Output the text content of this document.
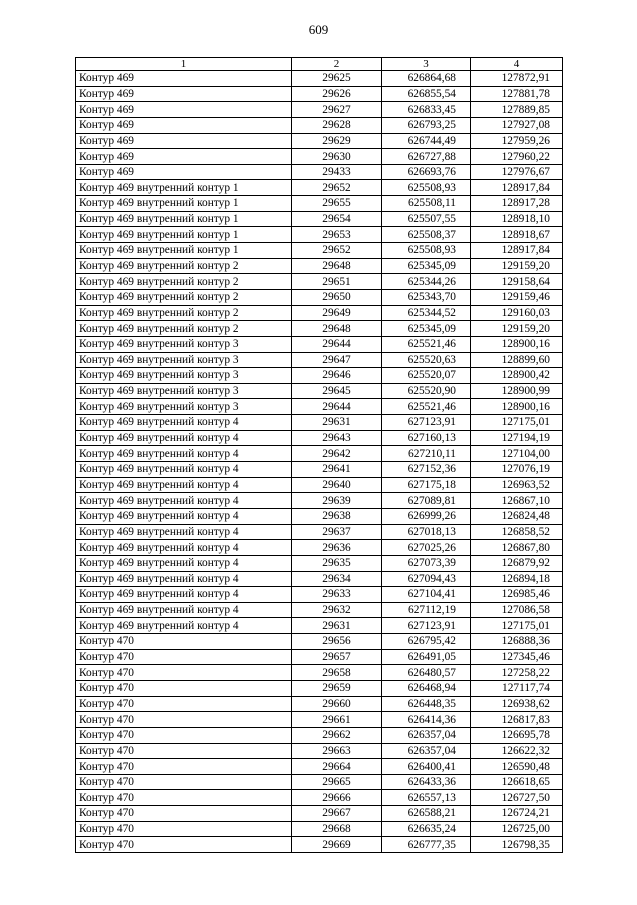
609
1	2	3	4
Контур 469	29625	626864,68	127872,91
Контур 469	29626	626855,54	127881,78
Контур 469	29627	626833,45	127889,85
Контур 469	29628	626793,25	127927,08
Контур 469	29629	626744,49	127959,26
Контур 469	29630	626727,88	127960,22
Контур 469	29433	626693,76	127976,67
Контур 469 внутренний контур 1	29652	625508,93	128917,84
Контур 469 внутренний контур 1	29655	625508,11	128917,28
Контур 469 внутренний контур 1	29654	625507,55	128918,10
Контур 469 внутренний контур 1	29653	625508,37	128918,67
Контур 469 внутренний контур 1	29652	625508,93	128917,84
Контур 469 внутренний контур 2	29648	625345,09	129159,20
Контур 469 внутренний контур 2	29651	625344,26	129158,64
Контур 469 внутренний контур 2	29650	625343,70	129159,46
Контур 469 внутренний контур 2	29649	625344,52	129160,03
Контур 469 внутренний контур 2	29648	625345,09	129159,20
Контур 469 внутренний контур 3	29644	625521,46	128900,16
Контур 469 внутренний контур 3	29647	625520,63	128899,60
Контур 469 внутренний контур 3	29646	625520,07	128900,42
Контур 469 внутренний контур 3	29645	625520,90	128900,99
Контур 469 внутренний контур 3	29644	625521,46	128900,16
Контур 469 внутренний контур 4	29631	627123,91	127175,01
Контур 469 внутренний контур 4	29643	627160,13	127194,19
Контур 469 внутренний контур 4	29642	627210,11	127104,00
Контур 469 внутренний контур 4	29641	627152,36	127076,19
Контур 469 внутренний контур 4	29640	627175,18	126963,52
Контур 469 внутренний контур 4	29639	627089,81	126867,10
Контур 469 внутренний контур 4	29638	626999,26	126824,48
Контур 469 внутренний контур 4	29637	627018,13	126858,52
Контур 469 внутренний контур 4	29636	627025,26	126867,80
Контур 469 внутренний контур 4	29635	627073,39	126879,92
Контур 469 внутренний контур 4	29634	627094,43	126894,18
Контур 469 внутренний контур 4	29633	627104,41	126985,46
Контур 469 внутренний контур 4	29632	627112,19	127086,58
Контур 469 внутренний контур 4	29631	627123,91	127175,01
Контур 470	29656	626795,42	126888,36
Контур 470	29657	626491,05	127345,46
Контур 470	29658	626480,57	127258,22
Контур 470	29659	626468,94	127117,74
Контур 470	29660	626448,35	126938,62
Контур 470	29661	626414,36	126817,83
Контур 470	29662	626357,04	126695,78
Контур 470	29663	626357,04	126622,32
Контур 470	29664	626400,41	126590,48
Контур 470	29665	626433,36	126618,65
Контур 470	29666	626557,13	126727,50
Контур 470	29667	626588,21	126724,21
Контур 470	29668	626635,24	126725,00
Контур 470	29669	626777,35	126798,35
